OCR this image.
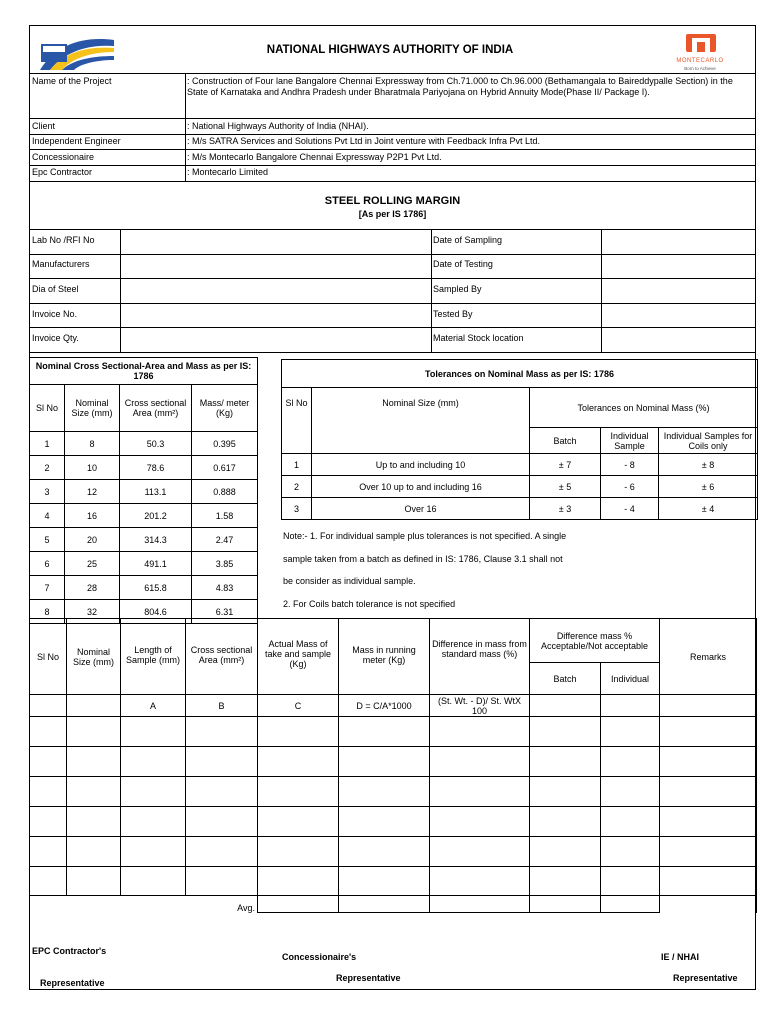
NATIONAL HIGHWAYS AUTHORITY OF INDIA
MONTECARLO
Born to Achieve
Name of the Project	: Construction of Four lane Bangalore Chennai Expressway from Ch.71.000 to Ch.96.000 (Bethamangala to Baireddypalle Section) in the State of Karnataka and Andhra Pradesh under Bharatmala Pariyojana on Hybrid Annuity Mode(Phase II/ Package I).
Client	: National Highways Authority of India (NHAI).
Independent Engineer	: M/s SATRA Services and Solutions Pvt Ltd in Joint venture with Feedback Infra Pvt Ltd.
Concessionaire	: M/s Montecarlo Bangalore Chennai Expressway P2P1 Pvt Ltd.
Epc Contractor	: Montecarlo Limited
STEEL ROLLING MARGIN
[As per IS 1786]
Lab No /RFI No	Date of Sampling
Manufacturers	Date of Testing
Dia of Steel	Sampled By
Invoice No.	Tested By
Invoice Qty.	Material Stock location
Nominal Cross Sectional-Area and Mass as per IS: 1786			
Sl No	Nominal Size (mm)	Cross sectional Area (mm²)	Mass/ meter (Kg)
1	8	50.3	0.395
2	10	78.6	0.617
3	12	113.1	0.888
4	16	201.2	1.58
5	20	314.3	2.47
6	25	491.1	3.85
7	28	615.8	4.83
8	32	804.6	6.31
Tolerances on Nominal Mass as per IS: 1786				
Sl No	Nominal Size (mm)	Tolerances on Nominal Mass (%)		
		Batch	Individual Sample	Individual Samples for Coils only
1	Up to and including 10	± 7	- 8	± 8
2	Over 10 up to and including 16	± 5	- 6	± 6
3	Over 16	± 3	- 4	± 4
Note:- 1. For individual sample plus tolerances is not specified. A single
sample taken from a batch as defined in IS: 1786, Clause 3.1 shall not
be consider as individual sample.
2. For Coils batch tolerance is not specified
Sl No	Nominal Size (mm)	Length of Sample (mm)	Cross sectional Area (mm²)	Actual Mass of take and sample (Kg)	Mass in running meter (Kg)	Difference in mass from standard mass (%)	Difference mass % Acceptable/Not acceptable		Remarks
							Batch	Individual	
		A	B	C	D = C/A*1000	(St. Wt. - D)/ St. WtX 100			

Avg.									
EPC Contractor's
Representative
Concessionaire's
Representative
IE / NHAI
Representative
